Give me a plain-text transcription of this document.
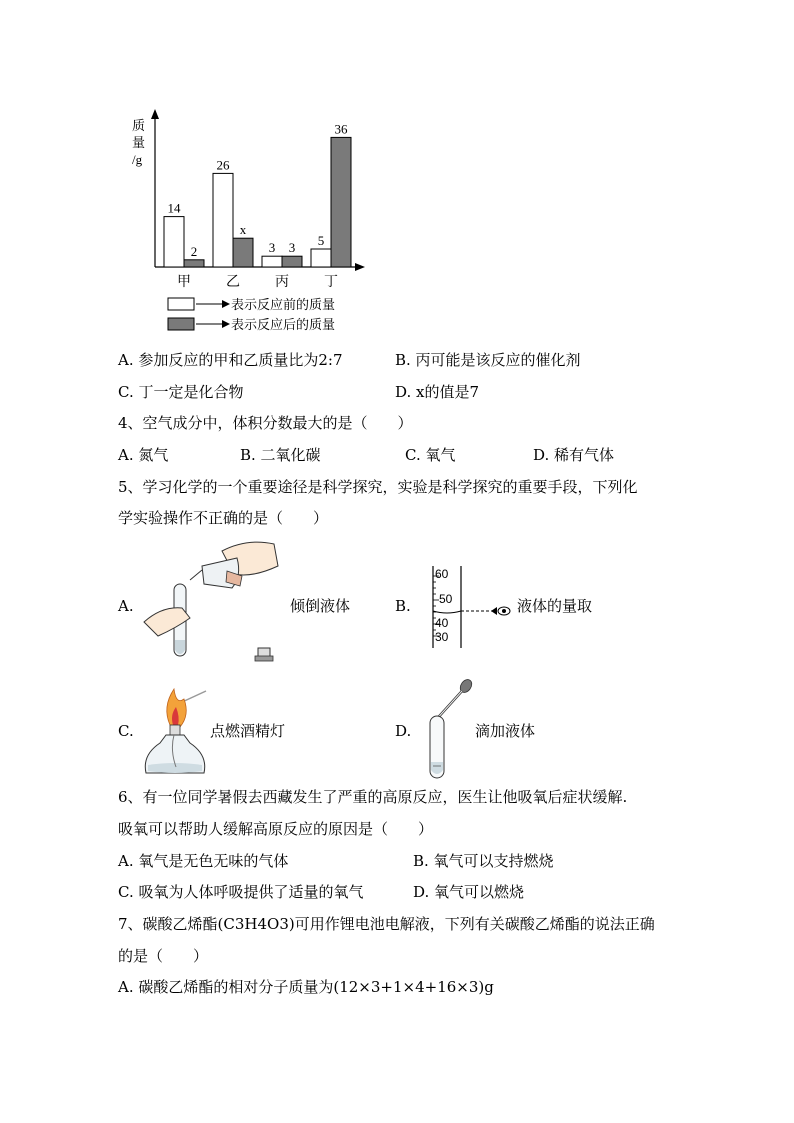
质
量
/g
14
2
26
x
3 3 5
36
甲	乙	丙	丁
表示反应前的质量
表示反应后的质量
A. 参加反应的甲和乙质量比为2:7	B. 丙可能是该反应的催化剂
C. 丁一定是化合物	D. x的值是7
4、空气成分中，体积分数最大的是（　　）
A. 氮气	B. 二氧化碳	C. 氧气	D. 稀有气体
5、学习化学的一个重要途径是科学探究，实验是科学探究的重要手段，下列化
学实验操作不正确的是（　　）
A.	倾倒液体	B.
60
50
40
30
液体的量取
C.	点燃酒精灯	D.	滴加液体
6、有一位同学暑假去西藏发生了严重的高原反应，医生让他吸氧后症状缓解.
吸氧可以帮助人缓解高原反应的原因是（　　）
A. 氧气是无色无味的气体	B. 氧气可以支持燃烧
C. 吸氧为人体呼吸提供了适量的氧气	D. 氧气可以燃烧
7、碳酸乙烯酯(C3H4O3)可用作锂电池电解液，下列有关碳酸乙烯酯的说法正确
的是（　　）
A. 碳酸乙烯酯的相对分子质量为(12×3+1×4+16×3)g
